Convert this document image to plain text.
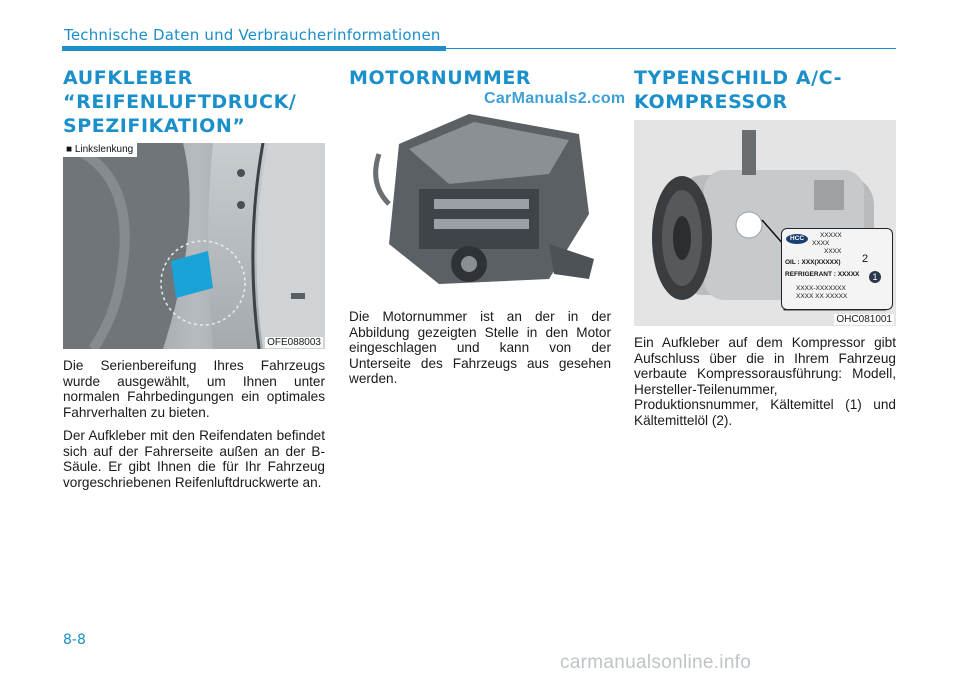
Technische Daten und Verbraucherinformationen
AUFKLEBER
“REIFENLUFTDRUCK/
SPEZIFIKATION”
■ Linkslenkung
OFE088003

Die Serienbereifung Ihres Fahrzeugs wurde ausgewählt, um Ihnen unter normalen Fahrbedingungen ein optimales Fahrverhalten zu bieten.

Der Aufkleber mit den Reifendaten befindet sich auf der Fahrerseite außen an der B-Säule. Er gibt Ihnen die für Ihr Fahrzeug vorgeschriebenen Reifenluftdruckwerte an.

MOTORNUMMER

Die Motornummer ist an der in der Abbildung gezeigten Stelle in den Motor eingeschlagen und kann von der Unterseite des Fahrzeugs aus gesehen werden.

TYPENSCHILD A/C-
KOMPRESSOR
HCC	XXXXX
XXXX
XXXX
OIL : XXX(XXXXX) 2
REFRIGERANT : XXXXX	1
XXXX-XXXXXXX
XXXX XX XXXXX
OHC081001

Ein Aufkleber auf dem Kompressor gibt Aufschluss über die in Ihrem Fahrzeug verbaute Kompressorausführung: Modell, Hersteller-Teilenummer, Produktionsnummer, Kältemittel (1) und Kältemittelöl (2).

8-8
CarManuals2.com
carmanualsonline.info
